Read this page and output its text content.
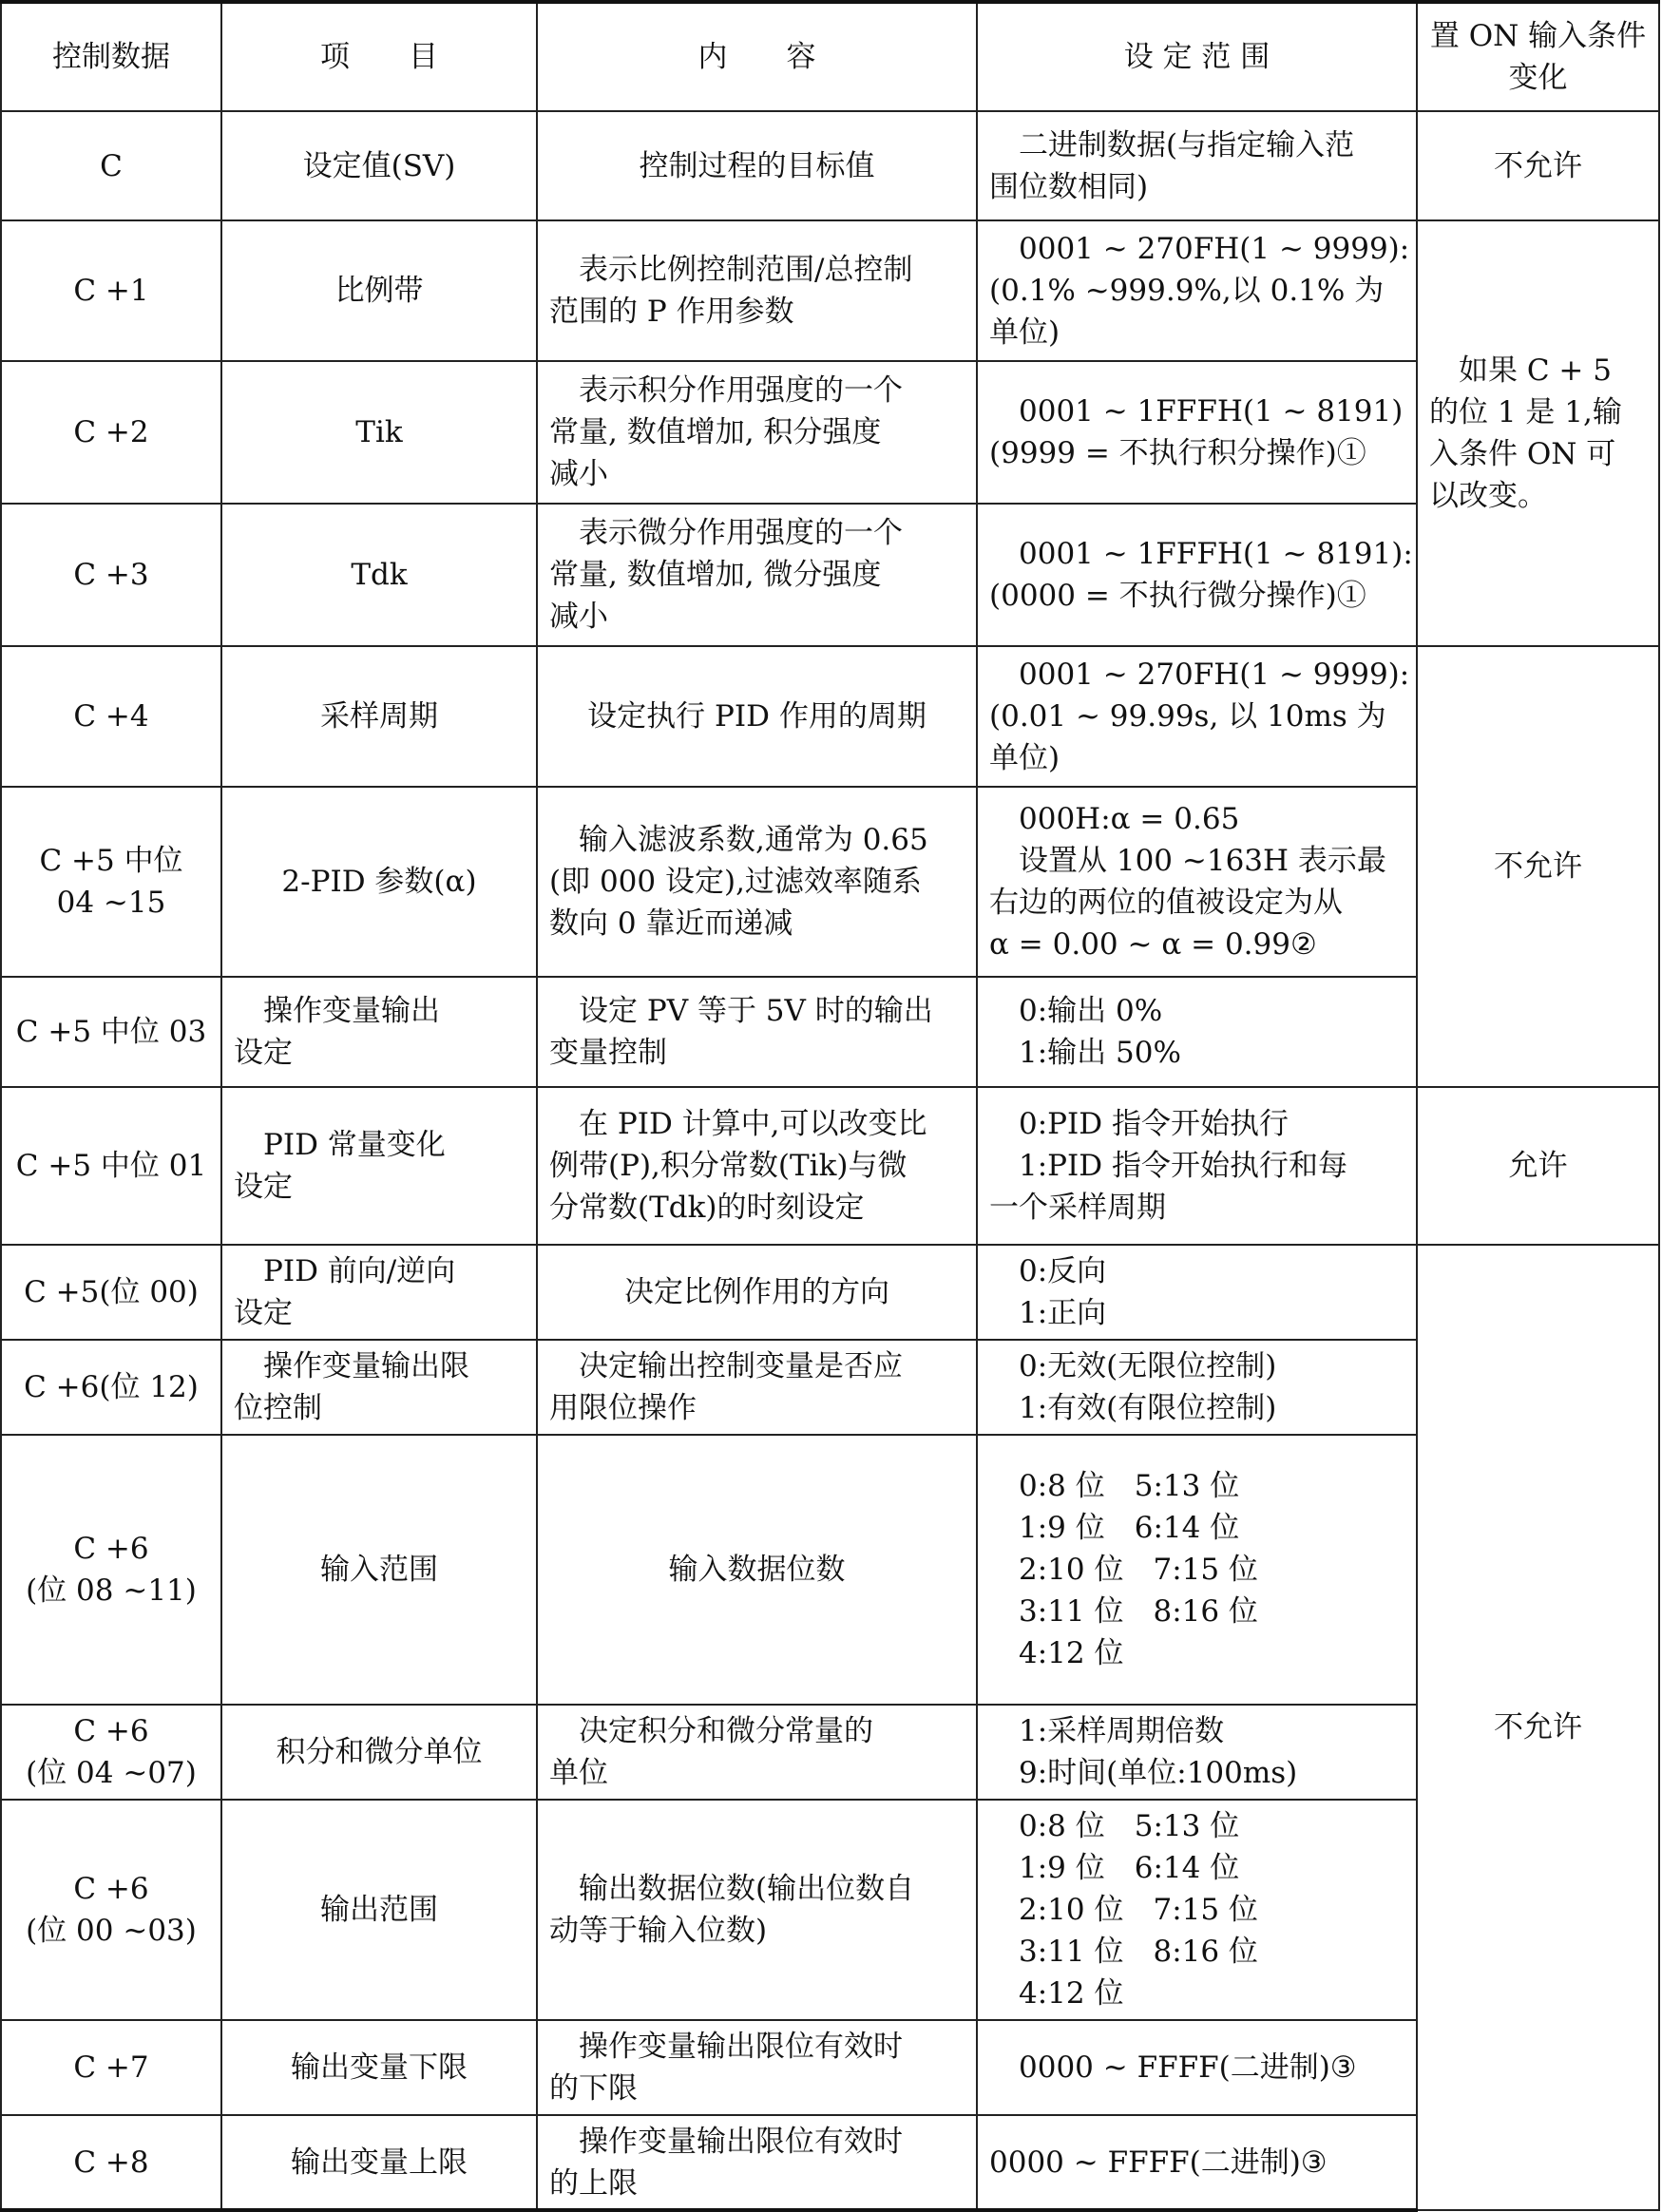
控制数据	项　　目	内　　容	设 定 范 围	置 ON 输入条件变化

C	设定值(SV)	控制过程的目标值	　二进制数据(与指定输入范
围位数相同)	不允许

C +1	比例带	　表示比例控制范围/总控制
范围的 P 作用参数	　0001 ~ 270FH(1 ~ 9999):
(0.1% ~999.9%,以 0.1% 为
单位)	　如果 C + 5
的位 1 是 1,输
入条件 ON 可
以改变。

C +2	Tik	　表示积分作用强度的一个
常量, 数值增加, 积分强度
减小	　0001 ~ 1FFFH(1 ~ 8191)
(9999 = 不执行积分操作)①	

C +3	Tdk	　表示微分作用强度的一个
常量, 数值增加, 微分强度
减小	　0001 ~ 1FFFH(1 ~ 8191):
(0000 = 不执行微分操作)①	

C +4	采样周期	设定执行 PID 作用的周期	　0001 ~ 270FH(1 ~ 9999):
(0.01 ~ 99.99s, 以 10ms 为
单位)	不允许

C +5 中位
04 ~15	2-PID 参数(α)	　输入滤波系数,通常为 0.65
(即 000 设定),过滤效率随系
数向 0 靠近而递减	　000H:α = 0.65
　设置从 100 ~163H 表示最
右边的两位的值被设定为从
α = 0.00 ~ α = 0.99②	

C +5 中位 03	　操作变量输出
设定	　设定 PV 等于 5V 时的输出
变量控制	　0:输出 0%
　1:输出 50%	

C +5 中位 01	　PID 常量变化
设定	　在 PID 计算中,可以改变比
例带(P),积分常数(Tik)与微
分常数(Tdk)的时刻设定	　0:PID 指令开始执行
　1:PID 指令开始执行和每
一个采样周期	允许

C +5(位 00)	　PID 前向/逆向
设定	决定比例作用的方向	　0:反向
　1:正向	不允许

C +6(位 12)	　操作变量输出限
位控制	　决定输出控制变量是否应
用限位操作	　0:无效(无限位控制)
　1:有效(有限位控制)	

C +6
(位 08 ~11)	输入范围	输入数据位数	　0:8 位　5:13 位
　1:9 位　6:14 位
　2:10 位　7:15 位
　3:11 位　8:16 位
　4:12 位	

C +6
(位 04 ~07)	积分和微分单位	　决定积分和微分常量的
单位	　1:采样周期倍数
　9:时间(单位:100ms)	

C +6
(位 00 ~03)	输出范围	　输出数据位数(输出位数自
动等于输入位数)	　0:8 位　5:13 位
　1:9 位　6:14 位
　2:10 位　7:15 位
　3:11 位　8:16 位
　4:12 位	

C +7	输出变量下限	　操作变量输出限位有效时
的下限	　0000 ~ FFFF(二进制)③	

C +8	输出变量上限	　操作变量输出限位有效时
的上限	0000 ~ FFFF(二进制)③	
